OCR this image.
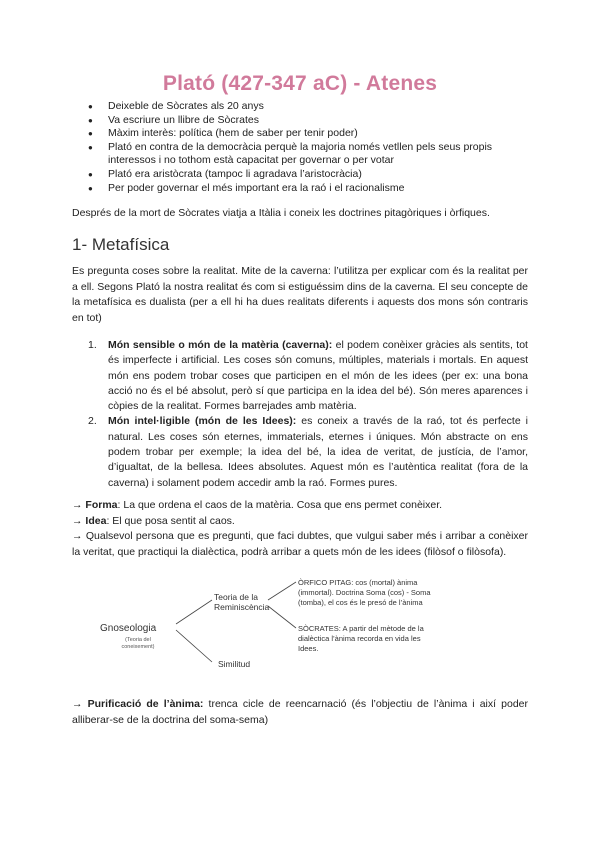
Plató (427-347 aC) - Atenes
● Deixeble de Sòcrates als 20 anys
● Va escriure un llibre de Sòcrates
● Màxim interès: política (hem de saber per tenir poder)
● Plató en contra de la democràcia perquè la majoria només vetllen pels seus propis interessos i no tothom està capacitat per governar o per votar
● Plató era aristòcrata (tampoc li agradava l’aristocràcia)
● Per poder governar el més important era la raó i el racionalisme
Després de la mort de Sòcrates viatja a Itàlia i coneix les doctrines pitagòriques i òrfiques.
1- Metafísica
Es pregunta coses sobre la realitat. Mite de la caverna: l’utilitza per explicar com és la realitat per a ell. Segons Plató la nostra realitat és com si estiguéssim dins de la caverna. El seu concepte de la metafísica es dualista (per a ell hi ha dues realitats diferents i aquests dos mons són contraris en tot)
1. Món sensible o món de la matèria (caverna): el podem conèixer gràcies als sentits, tot és imperfecte i artificial. Les coses són comuns, múltiples, materials i mortals. En aquest món ens podem trobar coses que participen en el món de les idees (per ex: una bona acció no és el bé absolut, però sí que participa en la idea del bé). Són meres aparences i còpies de la realitat. Formes barrejades amb matèria.
2. Món intel·ligible (món de les Idees): es coneix a través de la raó, tot és perfecte i natural. Les coses són eternes, immaterials, eternes i úniques. Món abstracte on ens podem trobar per exemple; la idea del bé, la idea de veritat, de justícia, de l’amor, d’igualtat, de la bellesa. Idees absolutes. Aquest món es l’autèntica realitat (fora de la caverna) i solament podem accedir amb la raó. Formes pures.

→ Forma: La que ordena el caos de la matèria. Cosa que ens permet conèixer.

→ Idea: El que posa sentit al caos.

→ Qualsevol persona que es pregunti, que faci dubtes, que vulgui saber més i arribar a conèixer la veritat, que practiqui la dialèctica, podrà arribar a quets món de les idees (filòsof o filòsofa).

Gnoseologia
(Teoria del coneixement)
Teoria de la Reminiscència
Similitud
ÒRFICO PITAG: cos (mortal) ànima (immortal). Doctrina Soma (cos) - Soma (tomba), el cos és le presó de l’ànima
SÒCRATES: A partir del mètode de la dialèctica l’ànima recorda en vida les Idees.
→ Purificació de l’ànima: trenca cicle de reencarnació (és l’objectiu de l’ànima i així poder alliberar-se de la doctrina del soma-sema)
